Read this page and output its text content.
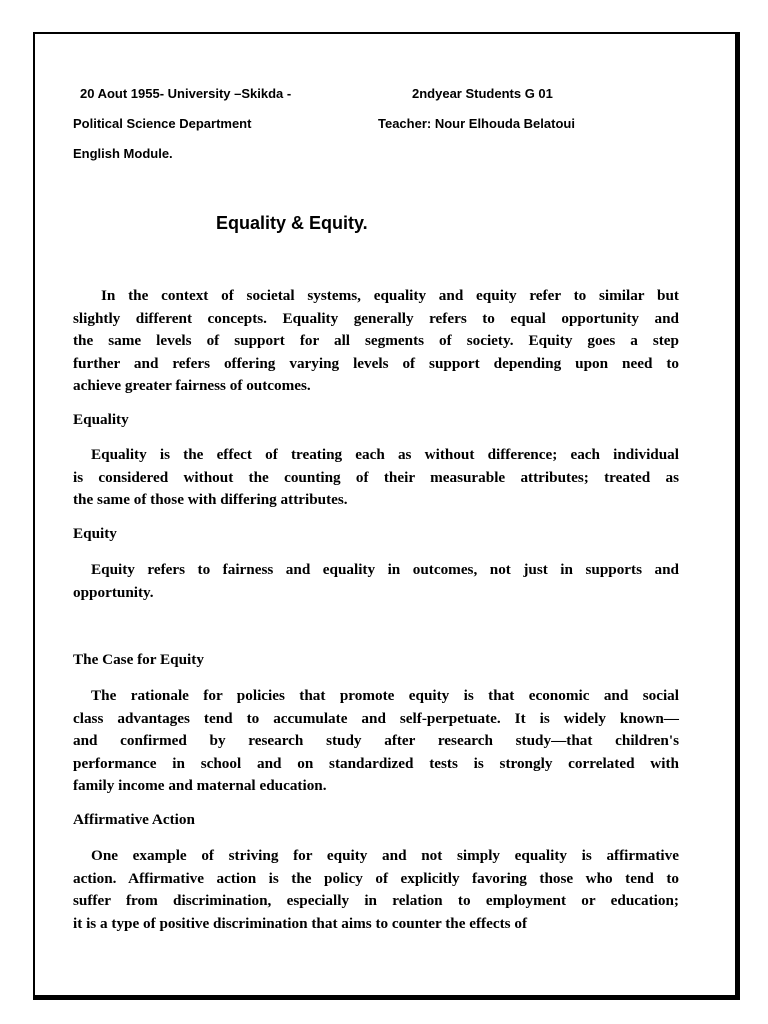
20 Aout 1955- University –Skikda -	2ndyear Students G 01
Political Science Department	Teacher: Nour Elhouda Belatoui
English Module.
Equality & Equity.
In the context of societal systems, equality and equity refer to similar but
slightly different concepts. Equality generally refers to equal opportunity and
the same levels of support for all segments of society. Equity goes a step
further and refers offering varying levels of support depending upon need to
achieve greater fairness of outcomes.
Equality
Equality is the effect of treating each as without difference; each individual
is considered without the counting of their measurable attributes; treated as
the same of those with differing attributes.
Equity
Equity refers to fairness and equality in outcomes, not just in supports and
opportunity.
The Case for Equity
The rationale for policies that promote equity is that economic and social
class advantages tend to accumulate and self-perpetuate. It is widely known—
and confirmed by research study after research study—that children's
performance in school and on standardized tests is strongly correlated with
family income and maternal education.
Affirmative Action
One example of striving for equity and not simply equality is affirmative
action. Affirmative action is the policy of explicitly favoring those who tend to
suffer from discrimination, especially in relation to employment or education;
it is a type of positive discrimination that aims to counter the effects of
